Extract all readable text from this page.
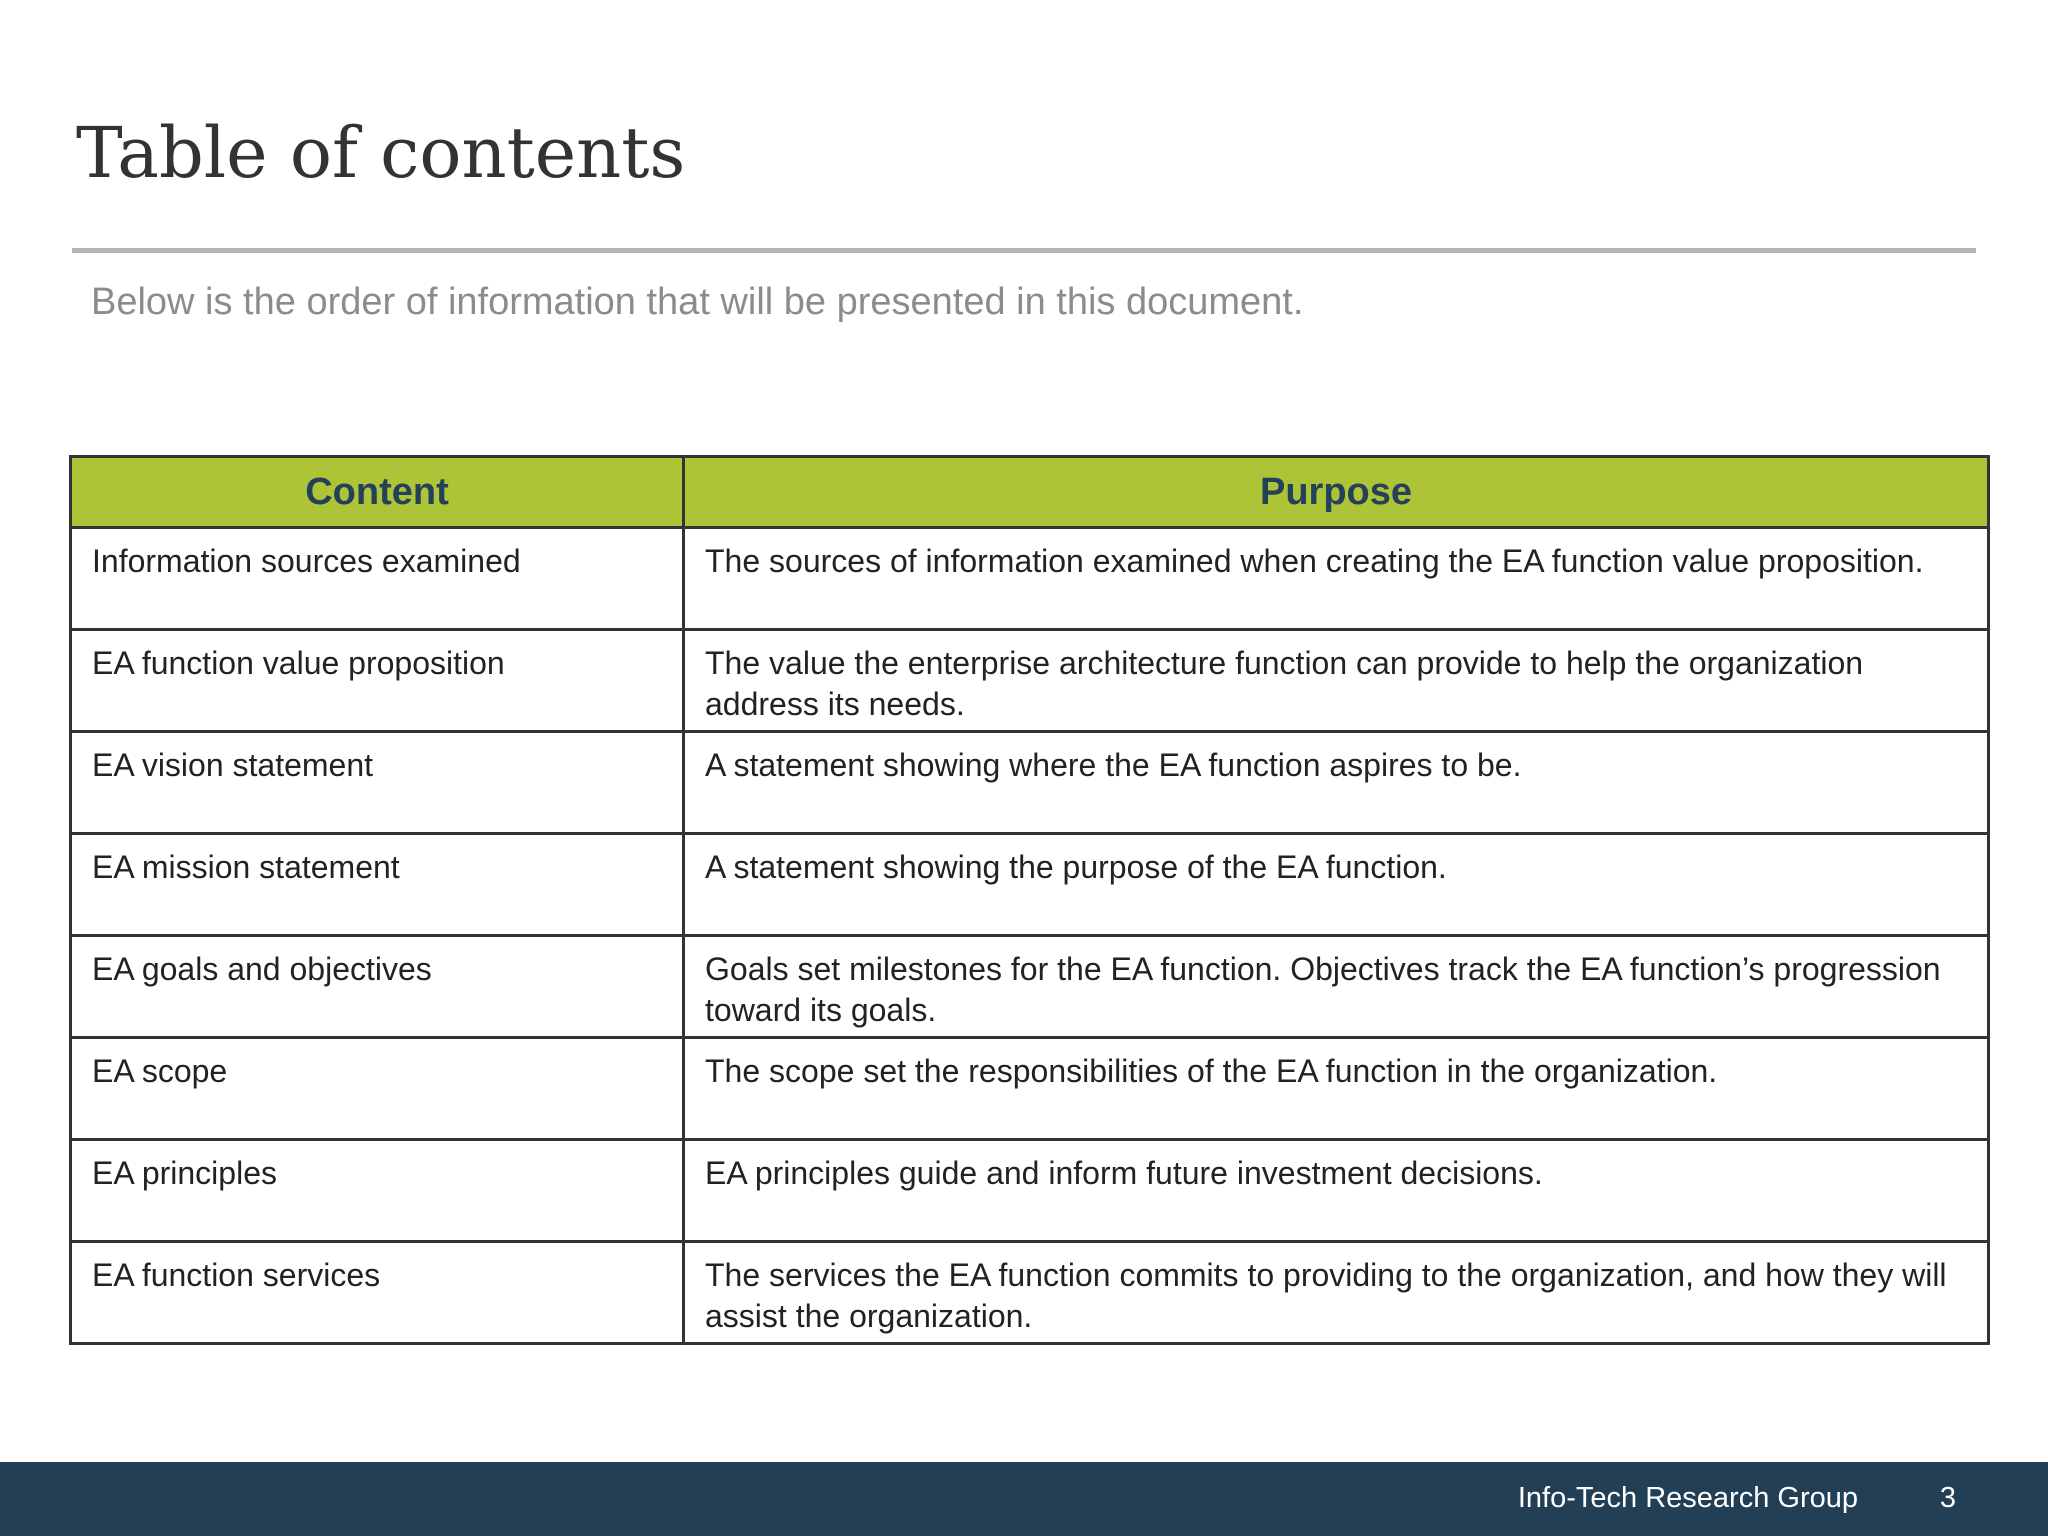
Table of contents

Below is the order of information that will be presented in this document.

Content	Purpose
Information sources examined	The sources of information examined when creating the EA function value proposition.
EA function value proposition	The value the enterprise architecture function can provide to help the organization address its needs.
EA vision statement	A statement showing where the EA function aspires to be.
EA mission statement	A statement showing the purpose of the EA function.
EA goals and objectives	Goals set milestones for the EA function. Objectives track the EA function’s progression toward its goals.
EA scope	The scope set the responsibilities of the EA function in the organization.
EA principles	EA principles guide and inform future investment decisions.
EA function services	The services the EA function commits to providing to the organization, and how they will assist the organization.
Info-Tech Research Group	3
